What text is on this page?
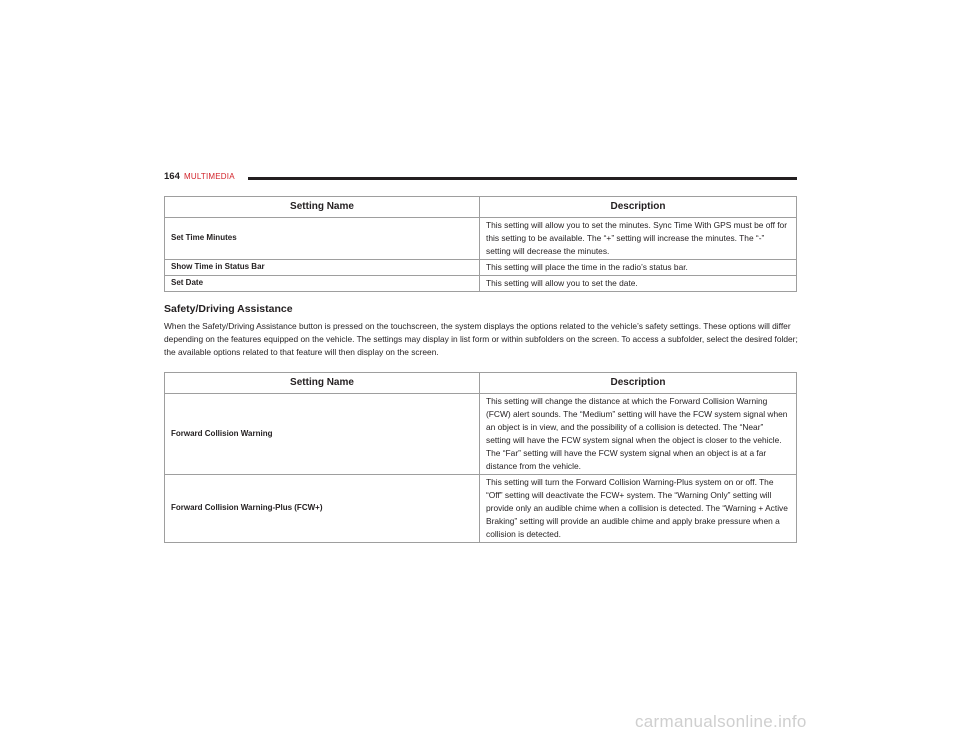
164 MULTIMEDIA
Setting Name	Description
Set Time Minutes	This setting will allow you to set the minutes. Sync Time With GPS must be off for this setting to be available. The “+” setting will increase the minutes. The “-” setting will decrease the minutes.
Show Time in Status Bar	This setting will place the time in the radio’s status bar.
Set Date	This setting will allow you to set the date.
Safety/Driving Assistance

When the Safety/Driving Assistance button is pressed on the touchscreen, the system displays the options related to the vehicle’s safety settings. These options will differ depending on the features equipped on the vehicle. The settings may display in list form or within subfolders on the screen. To access a subfolder, select the desired folder; the available options related to that feature will then display on the screen.

Setting Name	Description
Forward Collision Warning	This setting will change the distance at which the Forward Collision Warning (FCW) alert sounds. The “Medium” setting will have the FCW system signal when an object is in view, and the possibility of a collision is detected. The “Near” setting will have the FCW system signal when the object is closer to the vehicle. The “Far” setting will have the FCW system signal when an object is at a far distance from the vehicle.
Forward Collision Warning-Plus (FCW+)	This setting will turn the Forward Collision Warning-Plus system on or off. The “Off” setting will deactivate the FCW+ system. The “Warning Only” setting will provide only an audible chime when a collision is detected. The “Warning + Active Braking” setting will provide an audible chime and apply brake pressure when a collision is detected.
carmanualsonline.info
